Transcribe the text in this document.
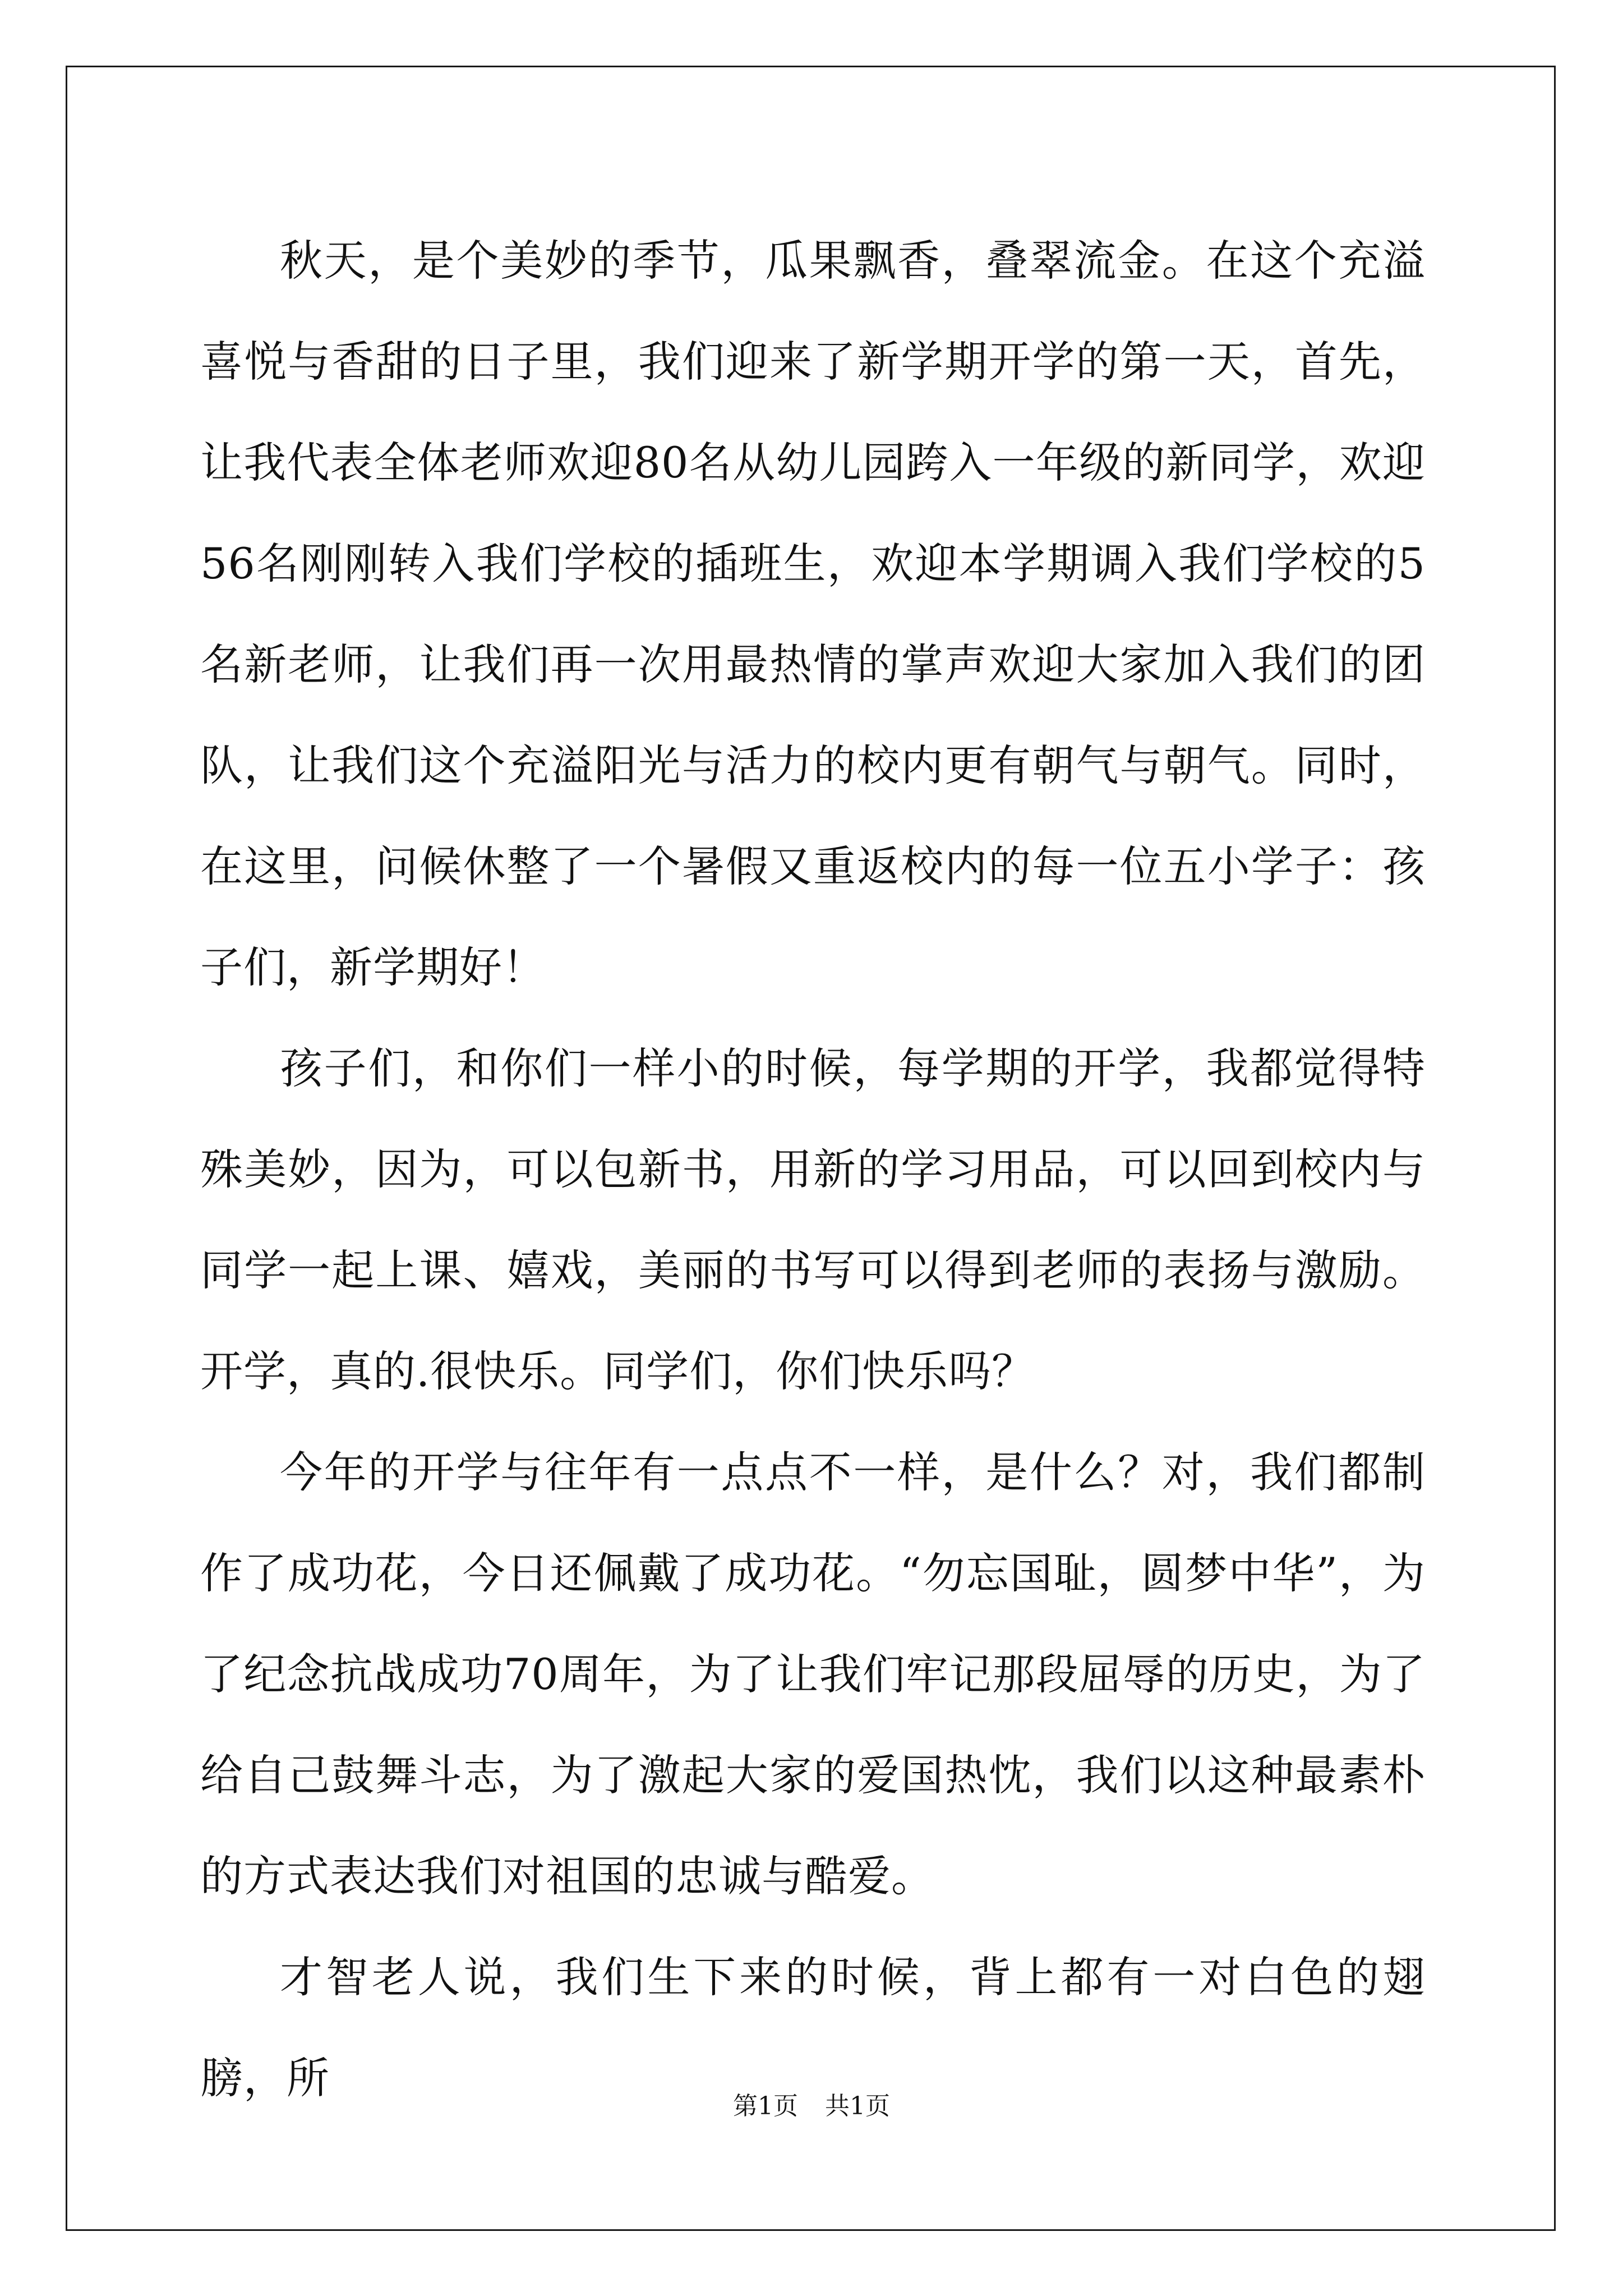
秋天，是个美妙的季节，瓜果飘香，叠翠流金。在这个充溢喜悦与香甜的日子里，我们迎来了新学期开学的第一天，首先，让我代表全体老师欢迎80名从幼儿园跨入一年级的新同学，欢迎56名刚刚转入我们学校的插班生，欢迎本学期调入我们学校的5名新老师，让我们再一次用最热情的掌声欢迎大家加入我们的团队，让我们这个充溢阳光与活力的校内更有朝气与朝气。同时，在这里，问候休整了一个暑假又重返校内的每一位五小学子：孩子们，新学期好！

孩子们，和你们一样小的时候，每学期的开学，我都觉得特殊美妙，因为，可以包新书，用新的学习用品，可以回到校内与同学一起上课、嬉戏，美丽的书写可以得到老师的表扬与激励。开学，真的.很快乐。同学们，你们快乐吗？

今年的开学与往年有一点点不一样，是什么？对，我们都制作了成功花，今日还佩戴了成功花。“勿忘国耻，圆梦中华”，为了纪念抗战成功70周年，为了让我们牢记那段屈辱的历史，为了给自己鼓舞斗志，为了激起大家的爱国热忱，我们以这种最素朴的方式表达我们对祖国的忠诚与酷爱。

才智老人说，我们生下来的时候，背上都有一对白色的翅膀，所

第1页 共1页
